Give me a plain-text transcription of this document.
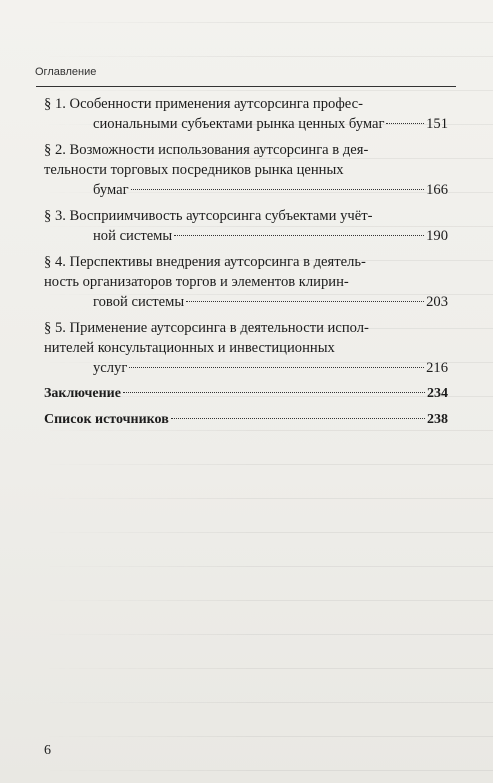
Оглавление
§ 1. Особенности применения аутсорсинга профес-
сиональными субъектами рынка ценных бумаг	151
§ 2. Возможности использования аутсорсинга в дея-
тельности торговых посредников рынка ценных
бумаг	166
§ 3. Восприимчивость аутсорсинга субъектами учёт-
ной системы	190
§ 4. Перспективы внедрения аутсорсинга в деятель-
ность организаторов торгов и элементов клирин-
говой системы	203
§ 5. Применение аутсорсинга в деятельности испол-
нителей консультационных и инвестиционных
услуг	216
Заключение	234
Список источников	238
6
